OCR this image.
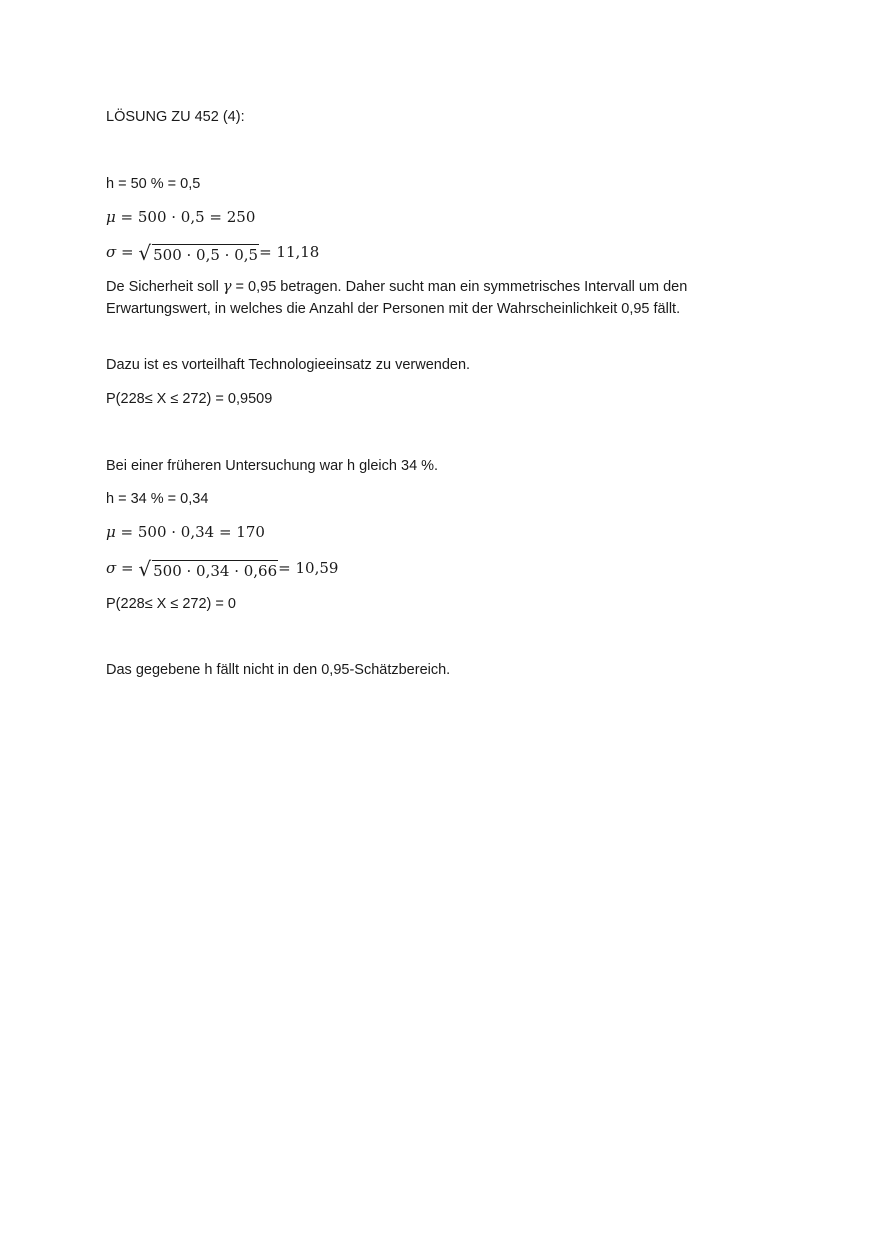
LÖSUNG ZU 452 (4):
h = 50 % = 0,5
μ = 500 · 0,5 = 250
σ = √ 500 · 0,5 · 0,5 = 11,18
De Sicherheit soll γ = 0,95 betragen. Daher sucht man ein symmetrisches Intervall um den
Erwartungswert, in welches die Anzahl der Personen mit der Wahrscheinlichkeit 0,95 fällt.
Dazu ist es vorteilhaft Technologieeinsatz zu verwenden.
P(228≤ X ≤ 272) = 0,9509
Bei einer früheren Untersuchung war h gleich 34 %.
h = 34 % = 0,34
μ = 500 · 0,34 = 170
σ = √ 500 · 0,34 · 0,66 = 10,59
P(228≤ X ≤ 272) = 0
Das gegebene h fällt nicht in den 0,95-Schätzbereich.
